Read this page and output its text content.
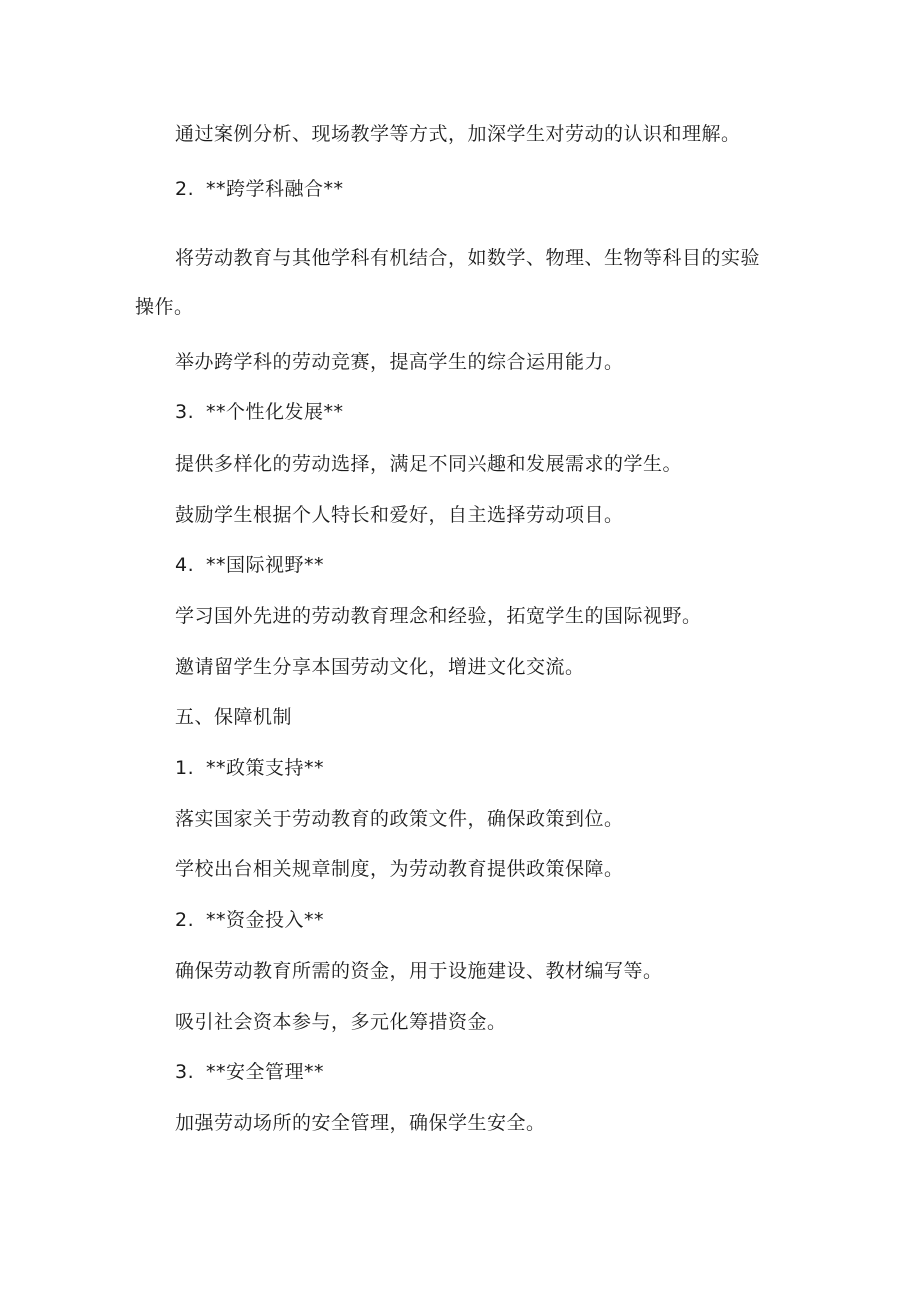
通过案例分析、现场教学等方式，加深学生对劳动的认识和理解。
2. **跨学科融合**
将劳动教育与其他学科有机结合，如数学、物理、生物等科目的实验
操作。
举办跨学科的劳动竞赛，提高学生的综合运用能力。
3. **个性化发展**
提供多样化的劳动选择，满足不同兴趣和发展需求的学生。
鼓励学生根据个人特长和爱好，自主选择劳动项目。
4. **国际视野**
学习国外先进的劳动教育理念和经验，拓宽学生的国际视野。
邀请留学生分享本国劳动文化，增进文化交流。
五、保障机制
1. **政策支持**
落实国家关于劳动教育的政策文件，确保政策到位。
学校出台相关规章制度，为劳动教育提供政策保障。
2. **资金投入**
确保劳动教育所需的资金，用于设施建设、教材编写等。
吸引社会资本参与，多元化筹措资金。
3. **安全管理**
加强劳动场所的安全管理，确保学生安全。
